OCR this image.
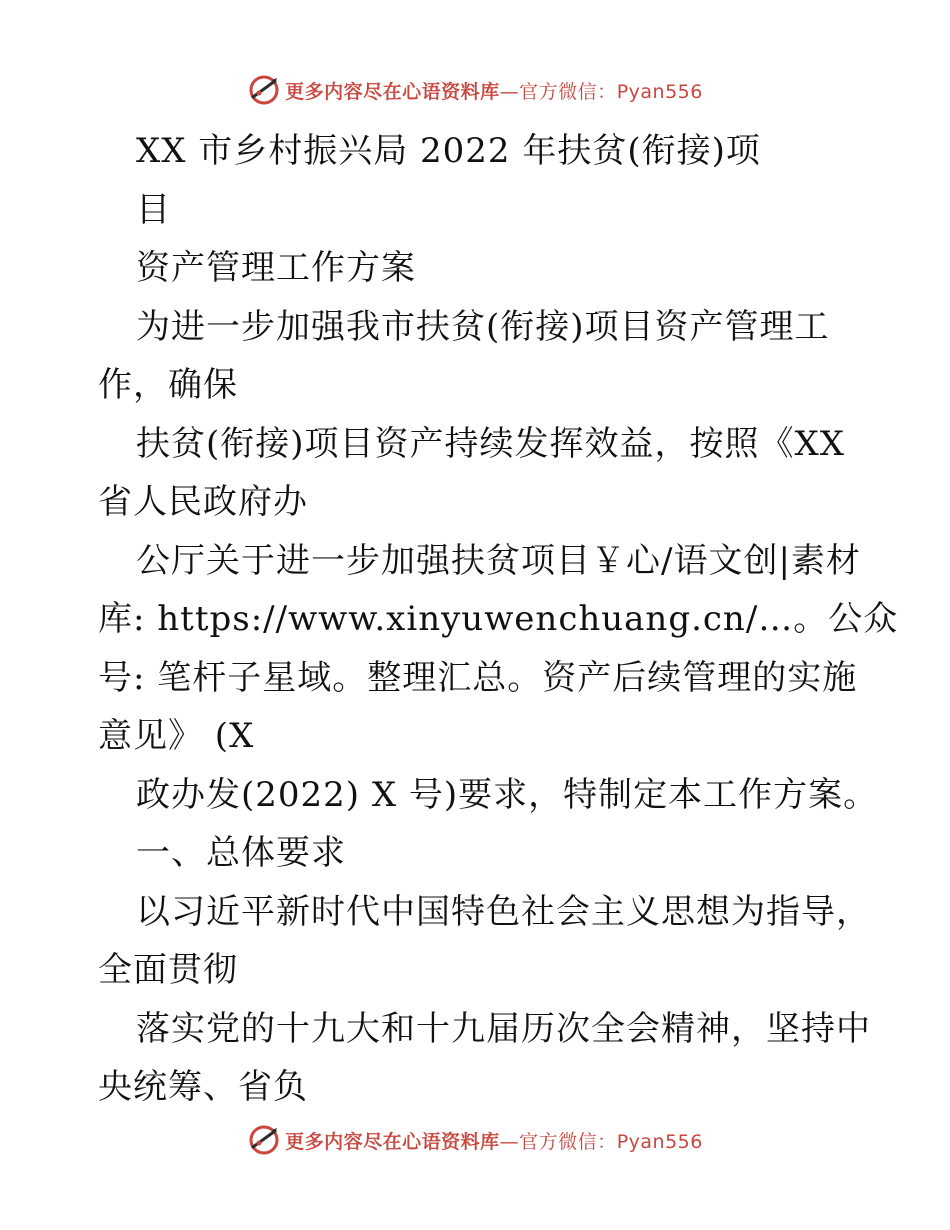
更多内容尽在心语资料库—官方微信：Pyan556
XX 市乡村振兴局 2022 年扶贫(衔接)项
目
资产管理工作方案
为进一步加强我市扶贫(衔接)项目资产管理工
作，确保
扶贫(衔接)项目资产持续发挥效益，按照《XX
省人民政府办
公厅关于进一步加强扶贫项目￥心/语文创|素材
库: https://www.xinyuwenchuang.cn/…。公众
号: 笔杆子星域。整理汇总。资产后续管理的实施
意见》 (X
政办发(2022) X 号)要求，特制定本工作方案。
一、总体要求
以习近平新时代中国特色社会主义思想为指导，
全面贯彻
落实党的十九大和十九届历次全会精神，坚持中
央统筹、省负
更多内容尽在心语资料库—官方微信：Pyan556
